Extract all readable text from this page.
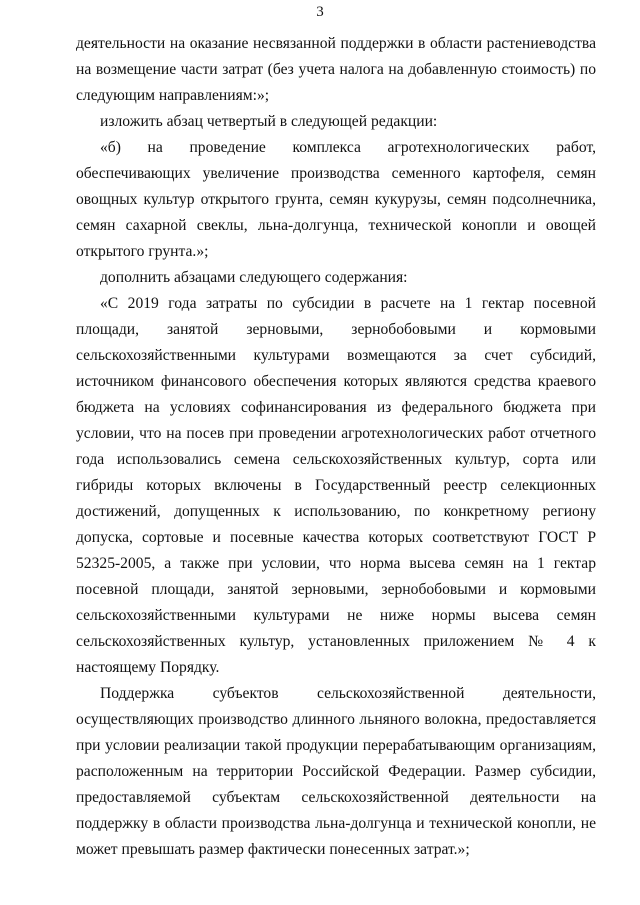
3

деятельности на оказание несвязанной поддержки в области растениеводства на возмещение части затрат (без учета налога на добавленную стоимость) по следующим направлениям:»;

изложить абзац четвертый в следующей редакции:

«б) на проведение комплекса агротехнологических работ, обеспечивающих увеличение производства семенного картофеля, семян овощных культур открытого грунта, семян кукурузы, семян подсолнечника, семян сахарной свеклы, льна-долгунца, технической конопли и овощей открытого грунта.»;

дополнить абзацами следующего содержания:

«С 2019 года затраты по субсидии в расчете на 1 гектар посевной площади, занятой зерновыми, зернобобовыми и кормовыми сельскохозяйственными культурами возмещаются за счет субсидий, источником финансового обеспечения которых являются средства краевого бюджета на условиях софинансирования из федерального бюджета при условии, что на посев при проведении агротехнологических работ отчетного года использовались семена сельскохозяйственных культур, сорта или гибриды которых включены в Государственный реестр селекционных достижений, допущенных к использованию, по конкретному региону допуска, сортовые и посевные качества которых соответствуют ГОСТ Р 52325-2005, а также при условии, что норма высева семян на 1 гектар посевной площади, занятой зерновыми, зернобобовыми и кормовыми сельскохозяйственными культурами не ниже нормы высева семян сельскохозяйственных культур, установленных приложением № 4 к настоящему Порядку.

Поддержка субъектов сельскохозяйственной деятельности, осуществляющих производство длинного льняного волокна, предоставляется при условии реализации такой продукции перерабатывающим организациям, расположенным на территории Российской Федерации. Размер субсидии, предоставляемой субъектам сельскохозяйственной деятельности на поддержку в области производства льна-долгунца и технической конопли, не может превышать размер фактически понесенных затрат.»;
